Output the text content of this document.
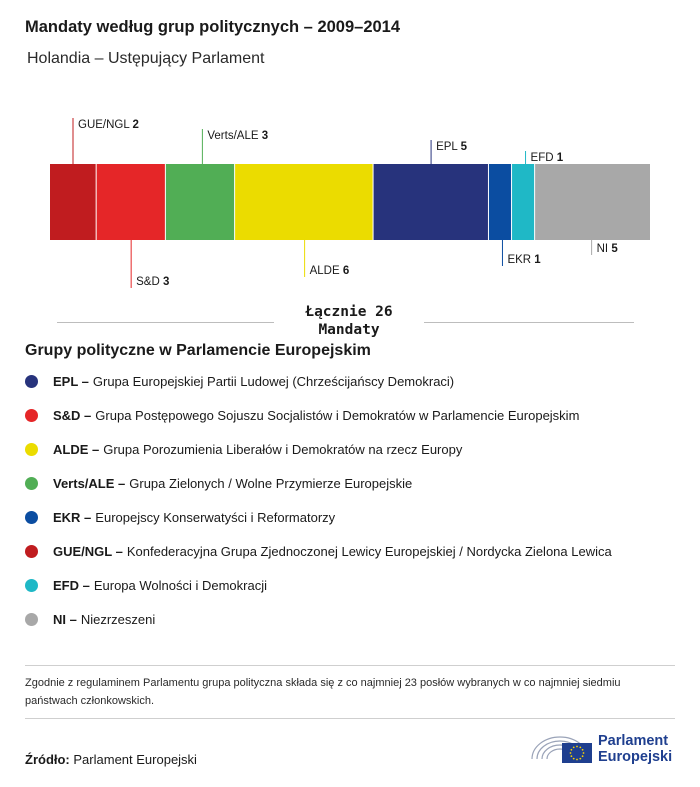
Mandaty według grup politycznych – 2009–2014
Holandia – Ustępujący Parlament
GUE/NGL 2
S&D 3
Verts/ALE 3
ALDE 6
EPL 5
EKR 1
EFD 1
NI 5
Łącznie 26
Mandaty
Grupy polityczne w Parlamencie Europejskim
EPL – Grupa Europejskiej Partii Ludowej (Chrześcijańscy Demokraci)
S&D – Grupa Postępowego Sojuszu Socjalistów i Demokratów w Parlamencie Europejskim
ALDE – Grupa Porozumienia Liberałów i Demokratów na rzecz Europy
Verts/ALE – Grupa Zielonych / Wolne Przymierze Europejskie
EKR – Europejscy Konserwatyści i Reformatorzy
GUE/NGL – Konfederacyjna Grupa Zjednoczonej Lewicy Europejskiej / Nordycka Zielona Lewica
EFD – Europa Wolności i Demokracji
NI – Niezrzeszeni
Zgodnie z regulaminem Parlamentu grupa polityczna składa się z co najmniej 23 posłów wybranych w co najmniej siedmiu państwach członkowskich.
Źródło: Parlament Europejski
Parlament
Europejski
